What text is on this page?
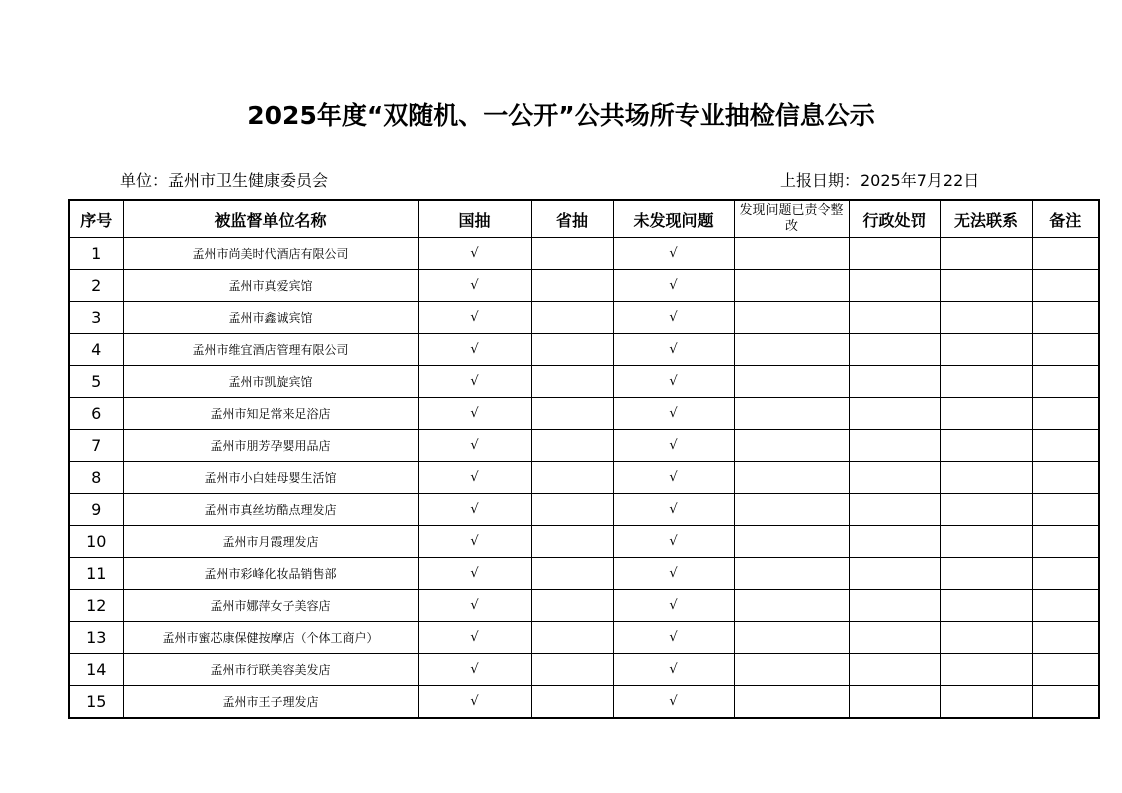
2025年度“双随机、一公开”公共场所专业抽检信息公示
单位：孟州市卫生健康委员会	上报日期：2025年7月22日
序号	被监督单位名称	国抽	省抽	未发现问题	发现问题已责令整改	行政处罚	无法联系	备注
1	孟州市尚美时代酒店有限公司	√		√				
2	孟州市真爱宾馆	√		√				
3	孟州市鑫诚宾馆	√		√				
4	孟州市维宜酒店管理有限公司	√		√				
5	孟州市凯旋宾馆	√		√				
6	孟州市知足常来足浴店	√		√				
7	孟州市朋芳孕婴用品店	√		√				
8	孟州市小白娃母婴生活馆	√		√				
9	孟州市真丝坊酷点理发店	√		√				
10	孟州市月霞理发店	√		√				
11	孟州市彩峰化妆品销售部	√		√				
12	孟州市娜萍女子美容店	√		√				
13	孟州市蜜芯康保健按摩店（个体工商户）	√		√				
14	孟州市行联美容美发店	√		√				
15	孟州市王子理发店	√		√				
